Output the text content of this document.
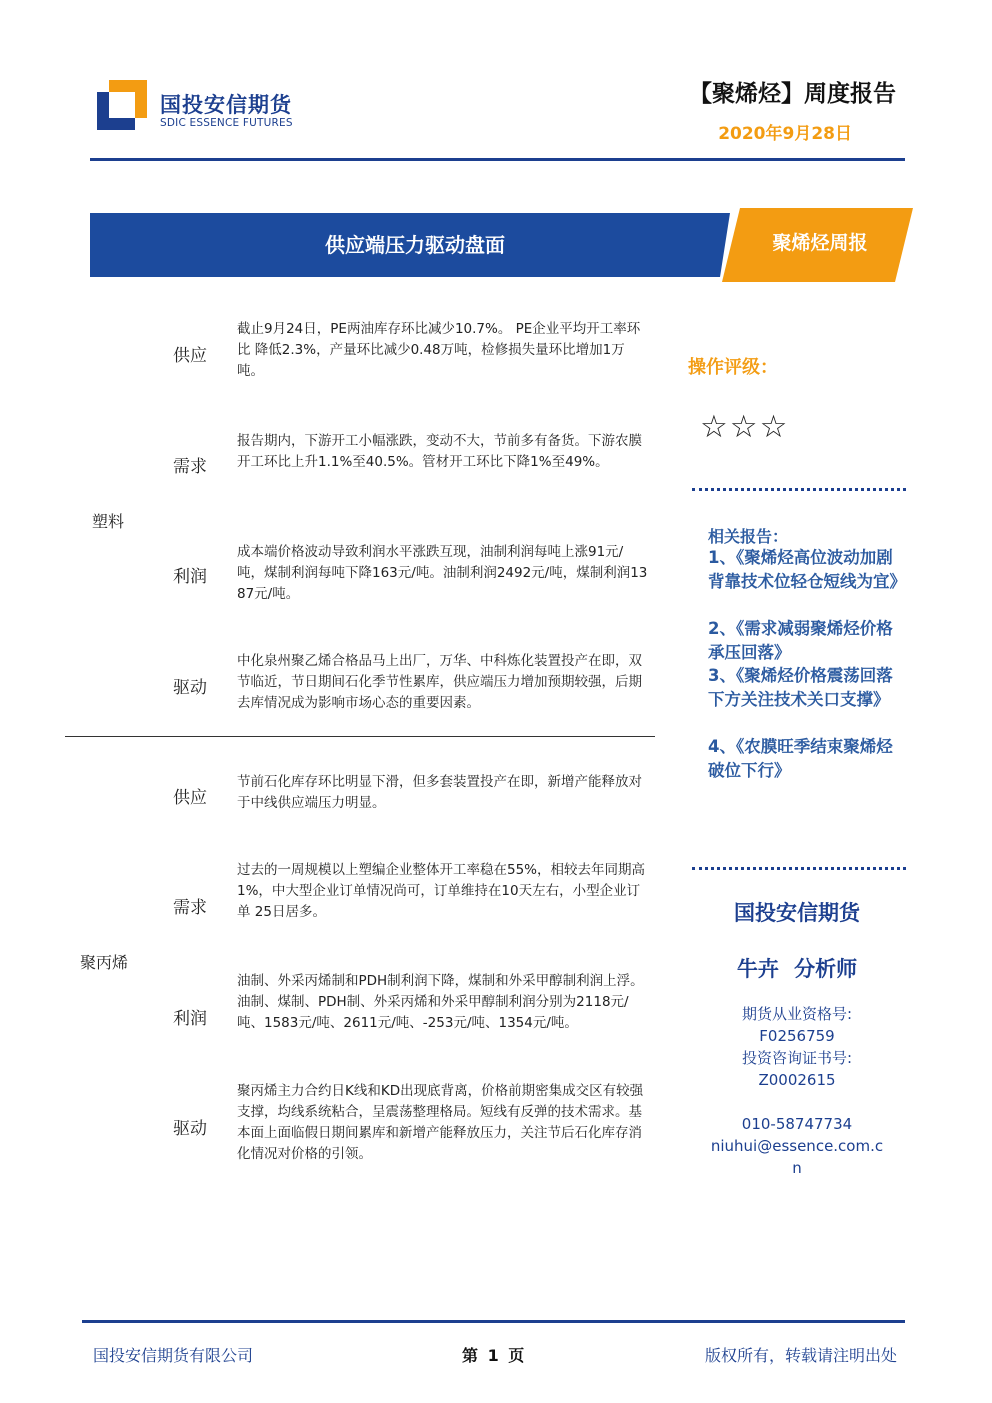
国投安信期货
SDIC ESSENCE FUTURES
【聚烯烃】周度报告
2020年9月28日
供应端压力驱动盘面	聚烯烃周报
塑料
供应
截止9月24日，PE两油库存环比减少10.7%。 PE企业平均开工率环比 降低2.3%，产量环比减少0.48万吨，检修损失量环比增加1万吨。
需求
报告期内，下游开工小幅涨跌，变动不大，节前多有备货。下游农膜开工环比上升1.1%至40.5%。管材开工环比下降1%至49%。
利润
成本端价格波动导致利润水平涨跌互现，油制利润每吨上涨91元/吨，煤制利润每吨下降163元/吨。油制利润2492元/吨，煤制利润1387元/吨。
驱动
中化泉州聚乙烯合格品马上出厂，万华、中科炼化装置投产在即，双节临近，节日期间石化季节性累库，供应端压力增加预期较强，后期去库情况成为影响市场心态的重要因素。
聚丙烯
供应
节前石化库存环比明显下滑，但多套装置投产在即，新增产能释放对于中线供应端压力明显。
需求
过去的一周规模以上塑编企业整体开工率稳在55%，相较去年同期高
1%，中大型企业订单情况尚可，订单维持在10天左右，小型企业订单 25日居多。
利润
油制、外采丙烯制和PDH制利润下降，煤制和外采甲醇制利润上浮。油制、煤制、PDH制、外采丙烯和外采甲醇制利润分别为2118元/吨、1583元/吨、2611元/吨、-253元/吨、1354元/吨。
驱动
聚丙烯主力合约日K线和KD出现底背离，价格前期密集成交区有较强支撑，均线系统粘合，呈震荡整理格局。短线有反弹的技术需求。基本面上面临假日期间累库和新增产能释放压力，关注节后石化库存消化情况对价格的引领。
操作评级：
☆☆☆
相关报告：
1、《聚烯烃高位波动加剧 背靠技术位轻仓短线为宜》
2、《需求减弱聚烯烃价格承压回落》
3、《聚烯烃价格震荡回落 下方关注技术关口支撑》
4、《农膜旺季结束聚烯烃破位下行》
国投安信期货
牛卉 分析师
期货从业资格号:
F0256759
投资咨询证书号:
Z0002615
010-58747734
niuhui@essence.com.c
n
国投安信期货有限公司	第 1 页	版权所有，转载请注明出处
